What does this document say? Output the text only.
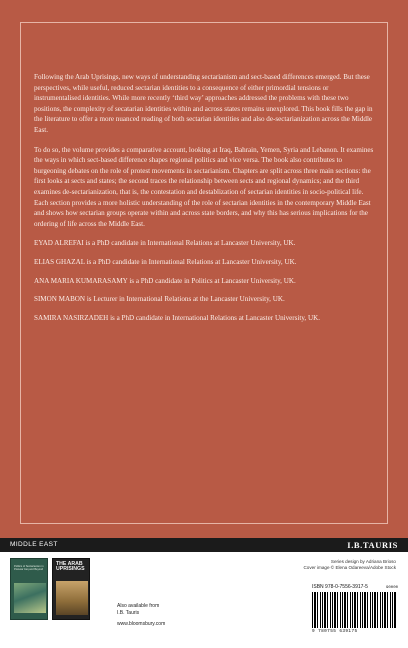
Following the Arab Uprisings, new ways of understanding sectarianism and sect-based differences emerged. But these perspectives, while useful, reduced sectarian identities to a consequence of either primordial tensions or instrumentalised identities. While more recently ‘third way’ approaches addressed the problems with these two positions, the complexity of secatarian identities within and across states remains unexplored. This book fills the gap in the literature to offer a more nuanced reading of both sectarian identities and also de-sectarianization across the Middle East.

To do so, the volume provides a comparative account, looking at Iraq, Bahrain, Yemen, Syria and Lebanon. It examines the ways in which sect-based difference shapes regional politics and vice versa. The book also contributes to burgeoning debates on the role of protest movements in sectarianism. Chapters are split across three main sections: the first looks at sects and states; the second traces the relationship between sects and regional dynamics; and the third examines de-sectarianization, that is, the contestation and destablization of sectarian identities in socio-political life. Each section provides a more holistic understanding of the role of sectarian identities in the contemporary Middle East and shows how sectarian groups operate within and across state borders, and why this has serious implications for the ordering of life across the Middle East.

EYAD ALREFAI is a PhD candidate in International Relations at Lancaster University, UK.

ELIAS GHAZAL is a PhD candidate in International Relations at Lancaster University, UK.

ANA MARIA KUMARASAMY is a PhD candidate in Politics at Lancaster University, UK.

SIMON MABON is Lecturer in International Relations at the Lancaster University, UK.

SAMIRA NASIRZADEH is a PhD candidate in International Relations at Lancaster University, UK.

MIDDLE EAST	I.B.TAURIS
Politics of Sectarianism in Postwar Iraq and Beyond
THE ARAB UPRISINGS
Also available from
I.B. Tauris
www.bloomsbury.com
Series design by Adriana Brioso
Cover image © Elena Odareeva/Adobe Stock
ISBN 978-0-7556-3917-5	90000
9 780755 639175
